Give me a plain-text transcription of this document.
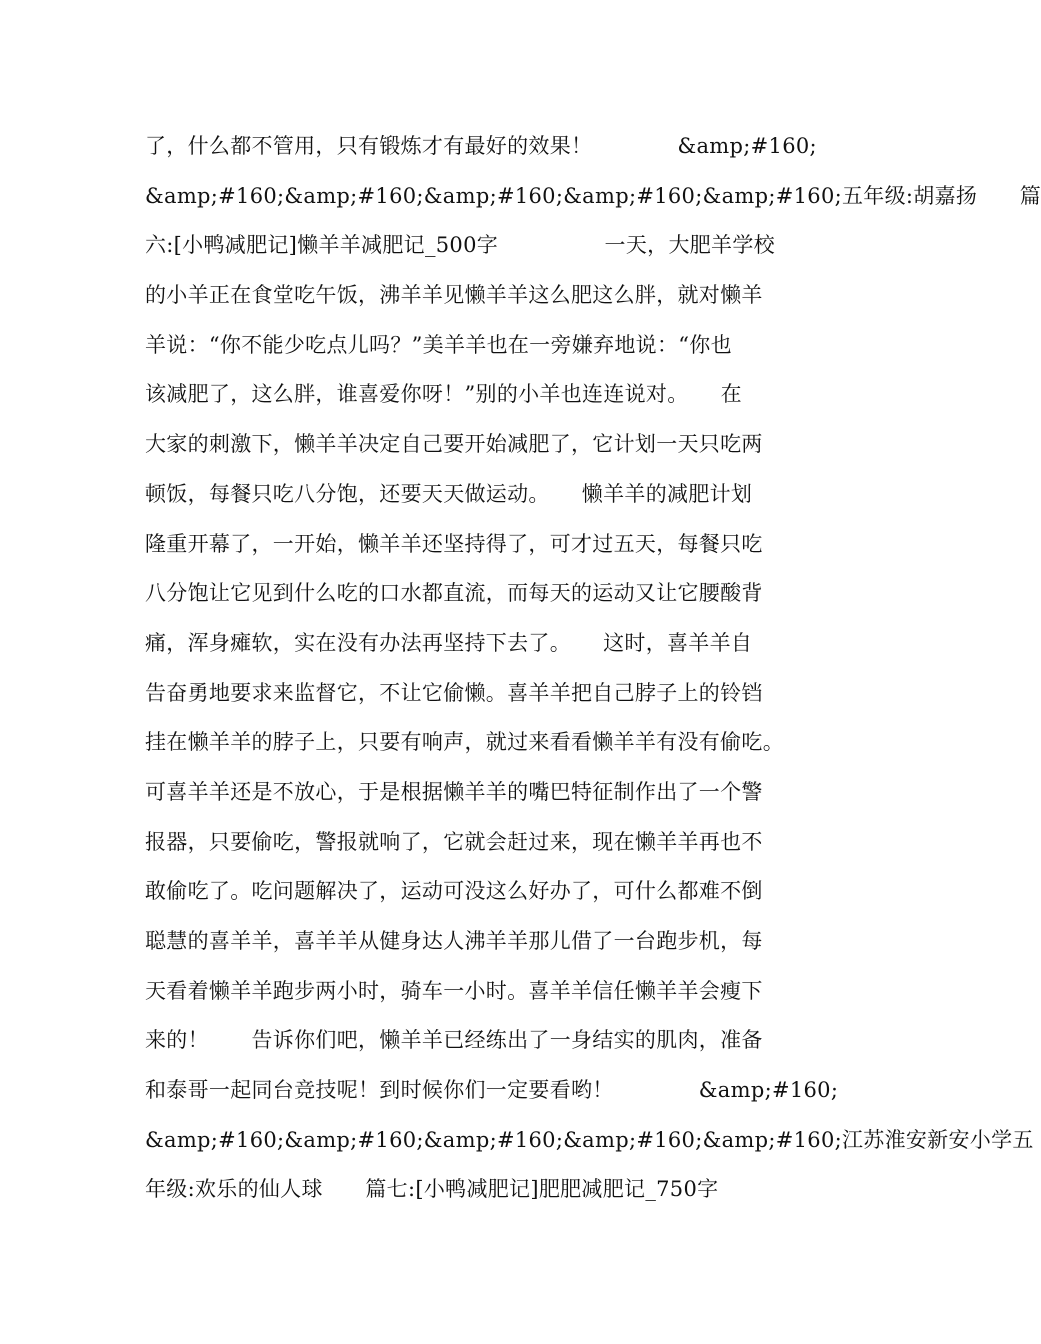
了，什么都不管用，只有锻炼才有最好的效果！　　　　&amp;#160;
&amp;#160;&amp;#160;&amp;#160;&amp;#160;&amp;#160;五年级:胡嘉扬　　篇
六:[小鸭减肥记]懒羊羊减肥记_500字　　　　　一天，大肥羊学校
的小羊正在食堂吃午饭，沸羊羊见懒羊羊这么肥这么胖，就对懒羊
羊说：“你不能少吃点儿吗？”美羊羊也在一旁嫌弃地说：“你也
该减肥了，这么胖，谁喜爱你呀！”别的小羊也连连说对。　　在
大家的刺激下，懒羊羊决定自己要开始减肥了，它计划一天只吃两
顿饭，每餐只吃八分饱，还要天天做运动。　　懒羊羊的减肥计划
隆重开幕了，一开始，懒羊羊还坚持得了，可才过五天，每餐只吃
八分饱让它见到什么吃的口水都直流，而每天的运动又让它腰酸背
痛，浑身瘫软，实在没有办法再坚持下去了。　　这时，喜羊羊自
告奋勇地要求来监督它，不让它偷懒。喜羊羊把自己脖子上的铃铛
挂在懒羊羊的脖子上，只要有响声，就过来看看懒羊羊有没有偷吃。
可喜羊羊还是不放心，于是根据懒羊羊的嘴巴特征制作出了一个警
报器，只要偷吃，警报就响了，它就会赶过来，现在懒羊羊再也不
敢偷吃了。吃问题解决了，运动可没这么好办了，可什么都难不倒
聪慧的喜羊羊，喜羊羊从健身达人沸羊羊那儿借了一台跑步机，每
天看着懒羊羊跑步两小时，骑车一小时。喜羊羊信任懒羊羊会瘦下
来的！　　告诉你们吧，懒羊羊已经练出了一身结实的肌肉，准备
和泰哥一起同台竞技呢！到时候你们一定要看哟！　　　　&amp;#160;
&amp;#160;&amp;#160;&amp;#160;&amp;#160;&amp;#160;江苏淮安新安小学五
年级:欢乐的仙人球　　篇七:[小鸭减肥记]肥肥减肥记_750字
